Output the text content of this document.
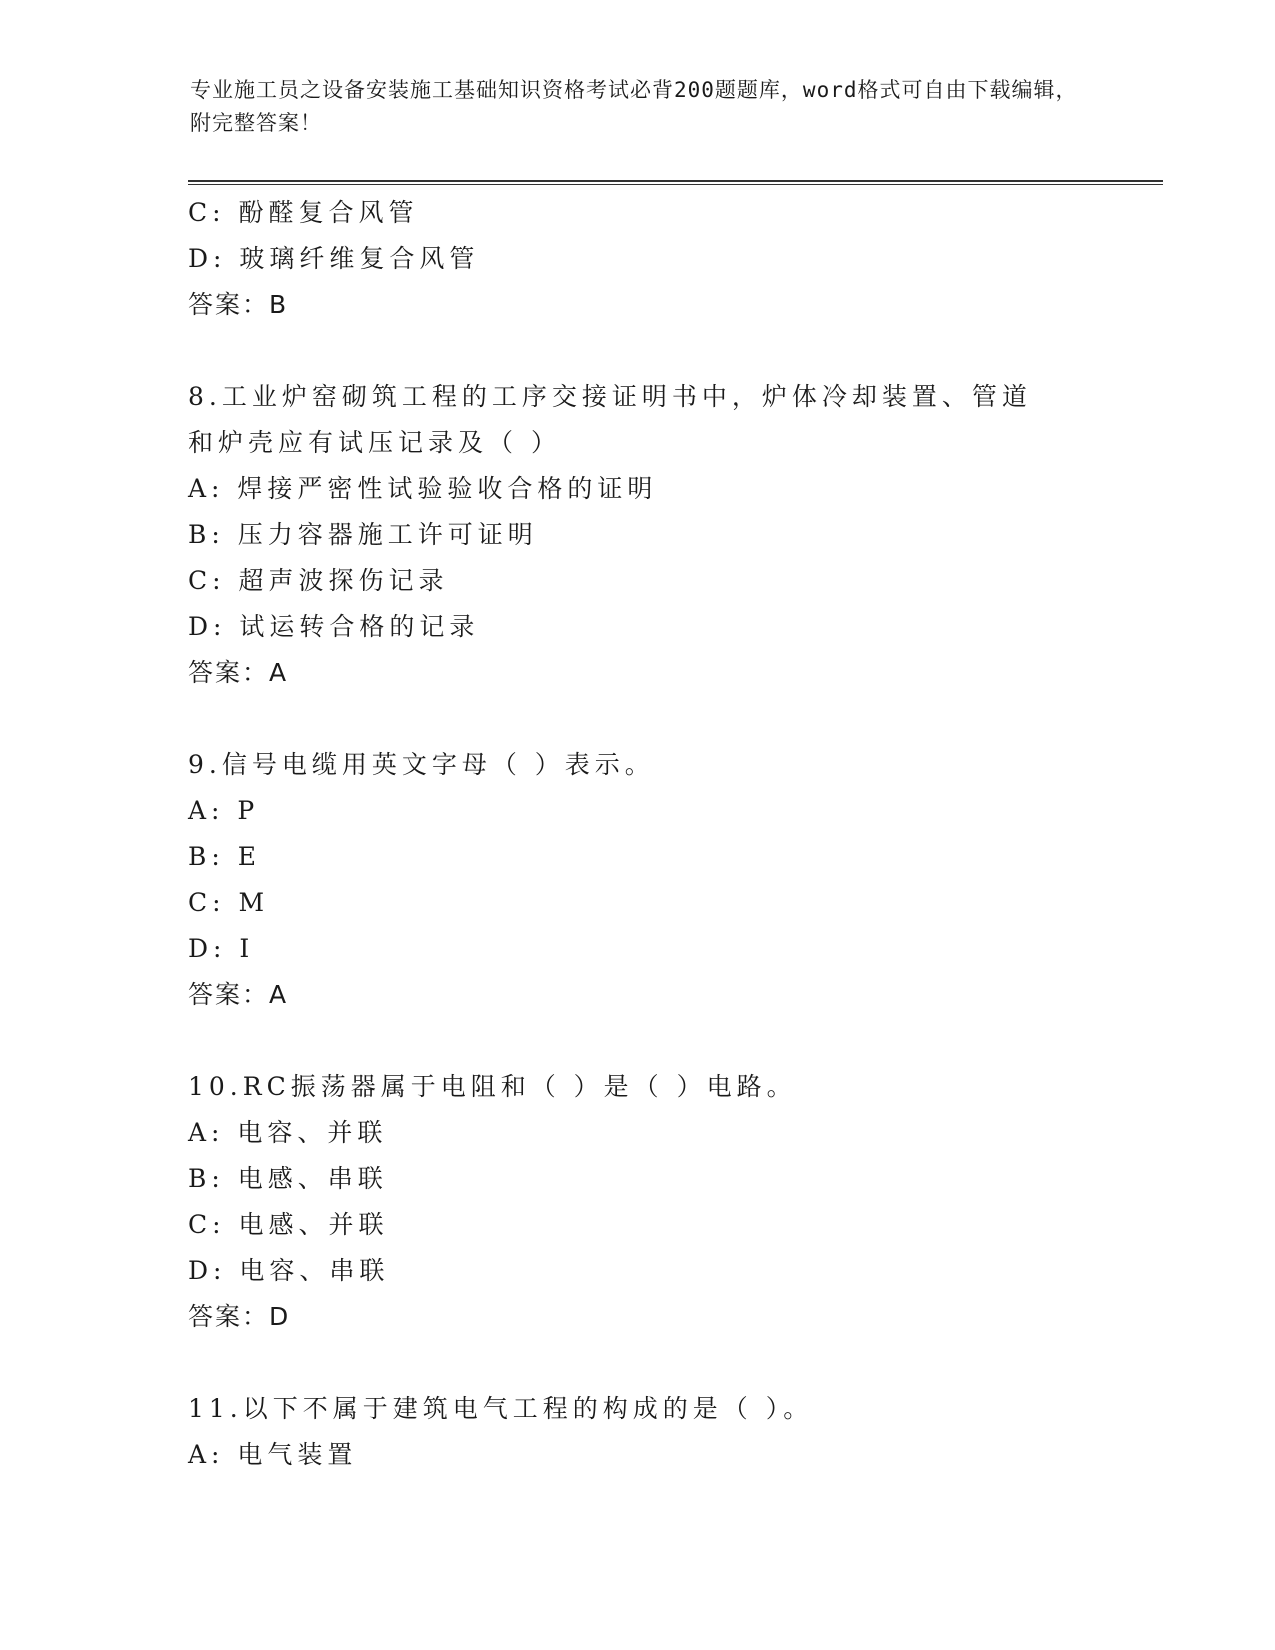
专业施工员之设备安装施工基础知识资格考试必背200题题库，word格式可自由下载编辑，附完整答案！
C: 酚醛复合风管
D: 玻璃纤维复合风管
答案：B
8.工业炉窑砌筑工程的工序交接证明书中，炉体冷却装置、管道和炉壳应有试压记录及（ ）
A: 焊接严密性试验验收合格的证明
B: 压力容器施工许可证明
C: 超声波探伤记录
D: 试运转合格的记录
答案：A
9.信号电缆用英文字母（ ）表示。
A: P
B: E
C: M
D: I
答案：A
10.RC振荡器属于电阻和（ ）是（ ）电路。
A: 电容、并联
B: 电感、串联
C: 电感、并联
D: 电容、串联
答案：D
11.以下不属于建筑电气工程的构成的是（ ）。
A: 电气装置
